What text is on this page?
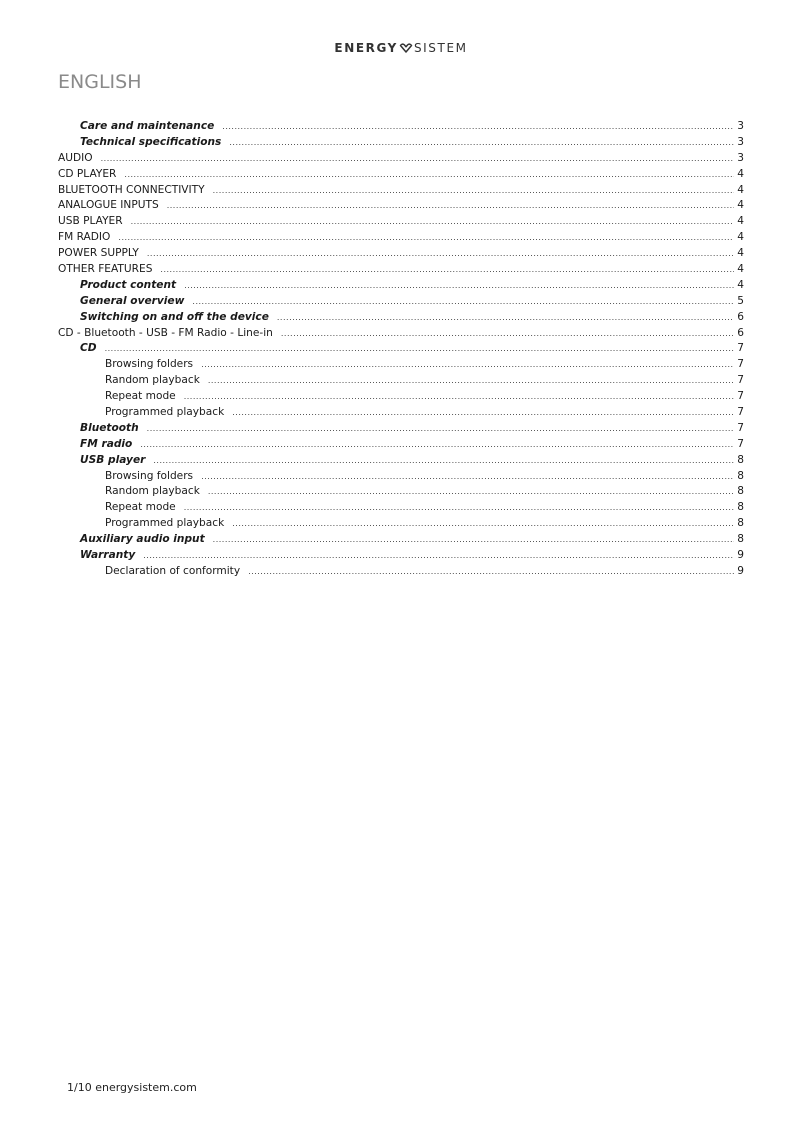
ENERGY SISTEM
ENGLISH
Care and maintenance .....	3
Technical specifications .....	3
AUDIO .....	3
CD PLAYER .....	4
BLUETOOTH CONNECTIVITY .....	4
ANALOGUE INPUTS .....	4
USB PLAYER .....	4
FM RADIO .....	4
POWER SUPPLY .....	4
OTHER FEATURES .....	4
Product content .....	4
General overview .....	5
Switching on and off the device .....	6
CD - Bluetooth - USB - FM Radio - Line-in .....	6
CD .....	7
Browsing folders .....	7
Random playback .....	7
Repeat mode .....	7
Programmed playback .....	7
Bluetooth .....	7
FM radio .....	7
USB player .....	8
Browsing folders .....	8
Random playback .....	8
Repeat mode .....	8
Programmed playback .....	8
Auxiliary audio input .....	8
Warranty .....	9
Declaration of conformity .....	9
1/10 energysistem.com
